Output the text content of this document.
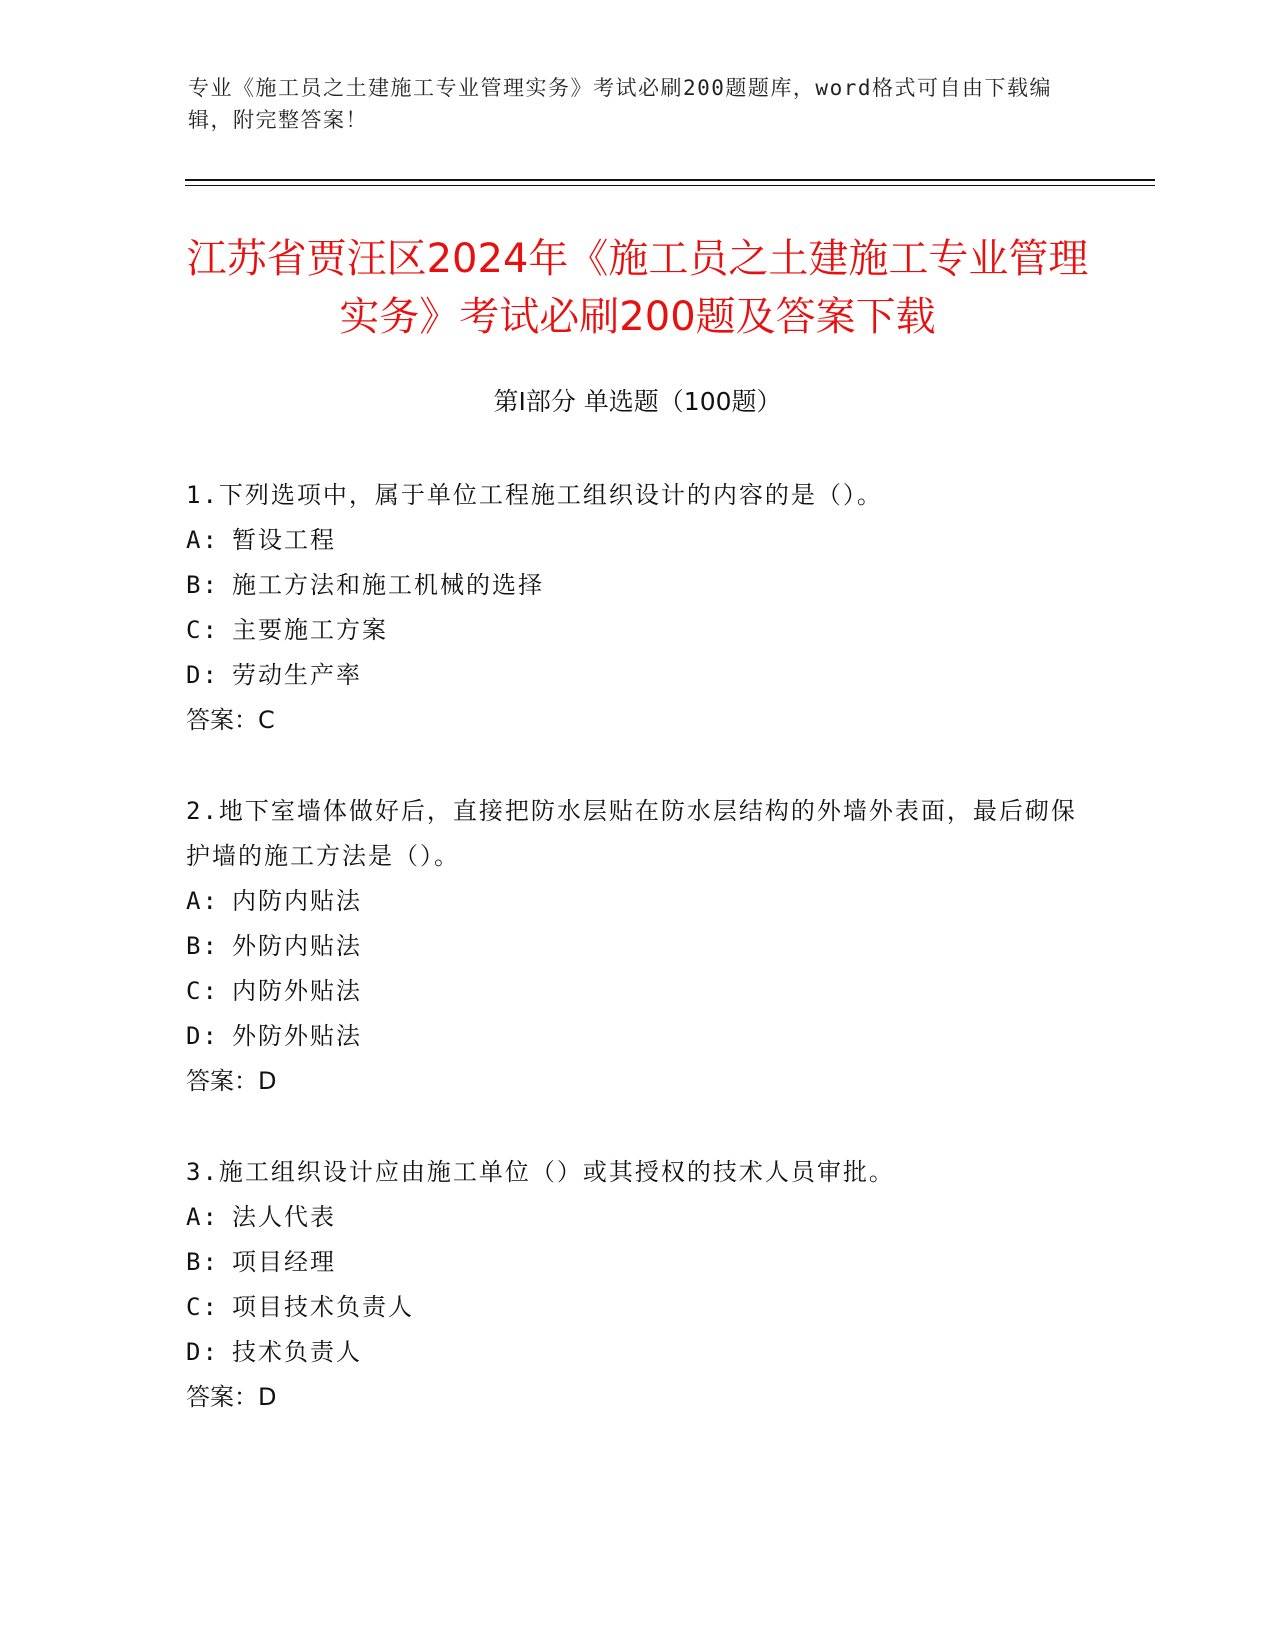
专业《施工员之土建施工专业管理实务》考试必刷200题题库，word格式可自由下载编辑，附完整答案！
江苏省贾汪区2024年《施工员之土建施工专业管理实务》考试必刷200题及答案下载
第I部分 单选题（100题）
1.下列选项中，属于单位工程施工组织设计的内容的是（）。
A: 暂设工程
B: 施工方法和施工机械的选择
C: 主要施工方案
D: 劳动生产率
答案：C
2.地下室墙体做好后，直接把防水层贴在防水层结构的外墙外表面，最后砌保护墙的施工方法是（）。
A: 内防内贴法
B: 外防内贴法
C: 内防外贴法
D: 外防外贴法
答案：D
3.施工组织设计应由施工单位（）或其授权的技术人员审批。
A: 法人代表
B: 项目经理
C: 项目技术负责人
D: 技术负责人
答案：D
